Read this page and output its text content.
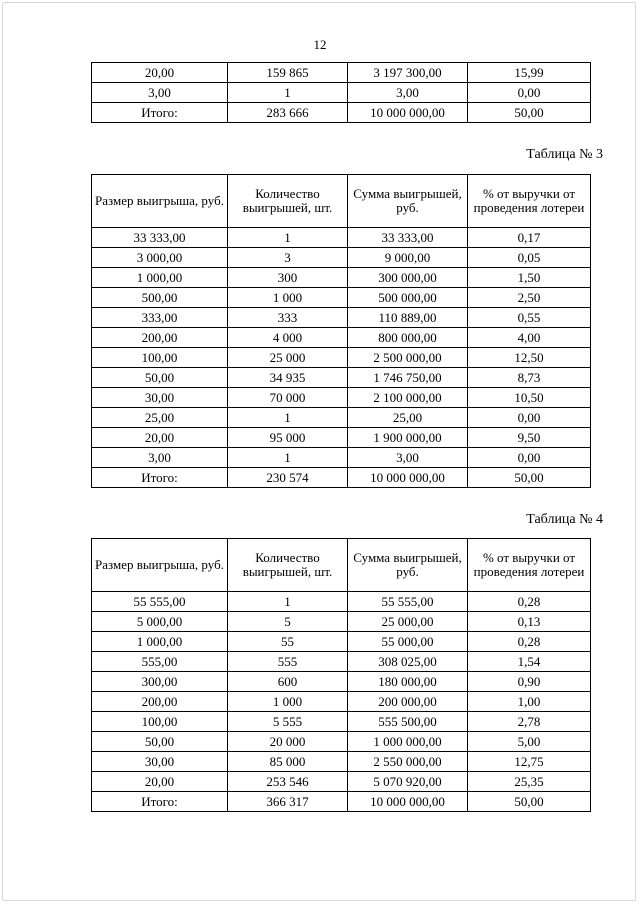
12
20,00	159 865	3 197 300,00	15,99
3,00	1	3,00	0,00
Итого:	283 666	10 000 000,00	50,00
Таблица № 3
Размер выигрыша, руб.	Количество выигрышей, шт.	Сумма выигрышей, руб.	% от выручки от проведения лотереи
33 333,00	1	33 333,00	0,17
3 000,00	3	9 000,00	0,05
1 000,00	300	300 000,00	1,50
500,00	1 000	500 000,00	2,50
333,00	333	110 889,00	0,55
200,00	4 000	800 000,00	4,00
100,00	25 000	2 500 000,00	12,50
50,00	34 935	1 746 750,00	8,73
30,00	70 000	2 100 000,00	10,50
25,00	1	25,00	0,00
20,00	95 000	1 900 000,00	9,50
3,00	1	3,00	0,00
Итого:	230 574	10 000 000,00	50,00
Таблица № 4
Размер выигрыша, руб.	Количество выигрышей, шт.	Сумма выигрышей, руб.	% от выручки от проведения лотереи
55 555,00	1	55 555,00	0,28
5 000,00	5	25 000,00	0,13
1 000,00	55	55 000,00	0,28
555,00	555	308 025,00	1,54
300,00	600	180 000,00	0,90
200,00	1 000	200 000,00	1,00
100,00	5 555	555 500,00	2,78
50,00	20 000	1 000 000,00	5,00
30,00	85 000	2 550 000,00	12,75
20,00	253 546	5 070 920,00	25,35
Итого:	366 317	10 000 000,00	50,00
